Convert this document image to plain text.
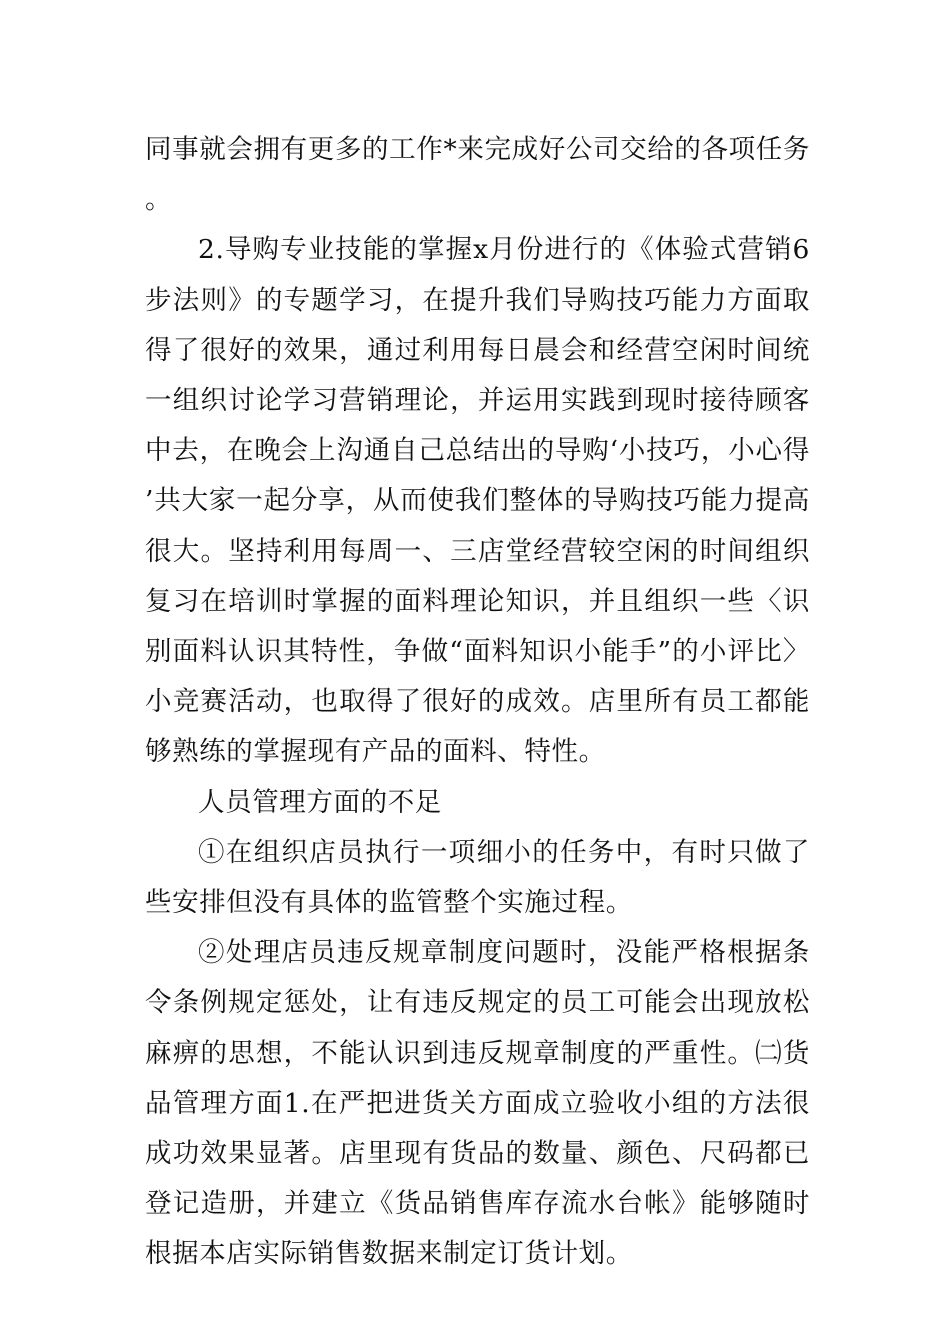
同事就会拥有更多的工作*来完成好公司交给的各项任务。

2.导购专业技能的掌握x月份进行的《体验式营销6步法则》的专题学习，在提升我们导购技巧能力方面取得了很好的效果，通过利用每日晨会和经营空闲时间统一组织讨论学习营销理论，并运用实践到现时接待顾客中去，在晚会上沟通自己总结出的导购‘小技巧，小心得’共大家一起分享，从而使我们整体的导购技巧能力提高很大。坚持利用每周一、三店堂经营较空闲的时间组织复习在培训时掌握的面料理论知识，并且组织一些〈识别面料认识其特性，争做“面料知识小能手”的小评比〉小竞赛活动，也取得了很好的成效。店里所有员工都能够熟练的掌握现有产品的面料、特性。

人员管理方面的不足

①在组织店员执行一项细小的任务中，有时只做了些安排但没有具体的监管整个实施过程。

②处理店员违反规章制度问题时，没能严格根据条令条例规定惩处，让有违反规定的员工可能会出现放松麻痹的思想，不能认识到违反规章制度的严重性。㈡货品管理方面1.在严把进货关方面成立验收小组的方法很成功效果显著。店里现有货品的数量、颜色、尺码都已登记造册，并建立《货品销售库存流水台帐》能够随时根据本店实际销售数据来制定订货计划。
